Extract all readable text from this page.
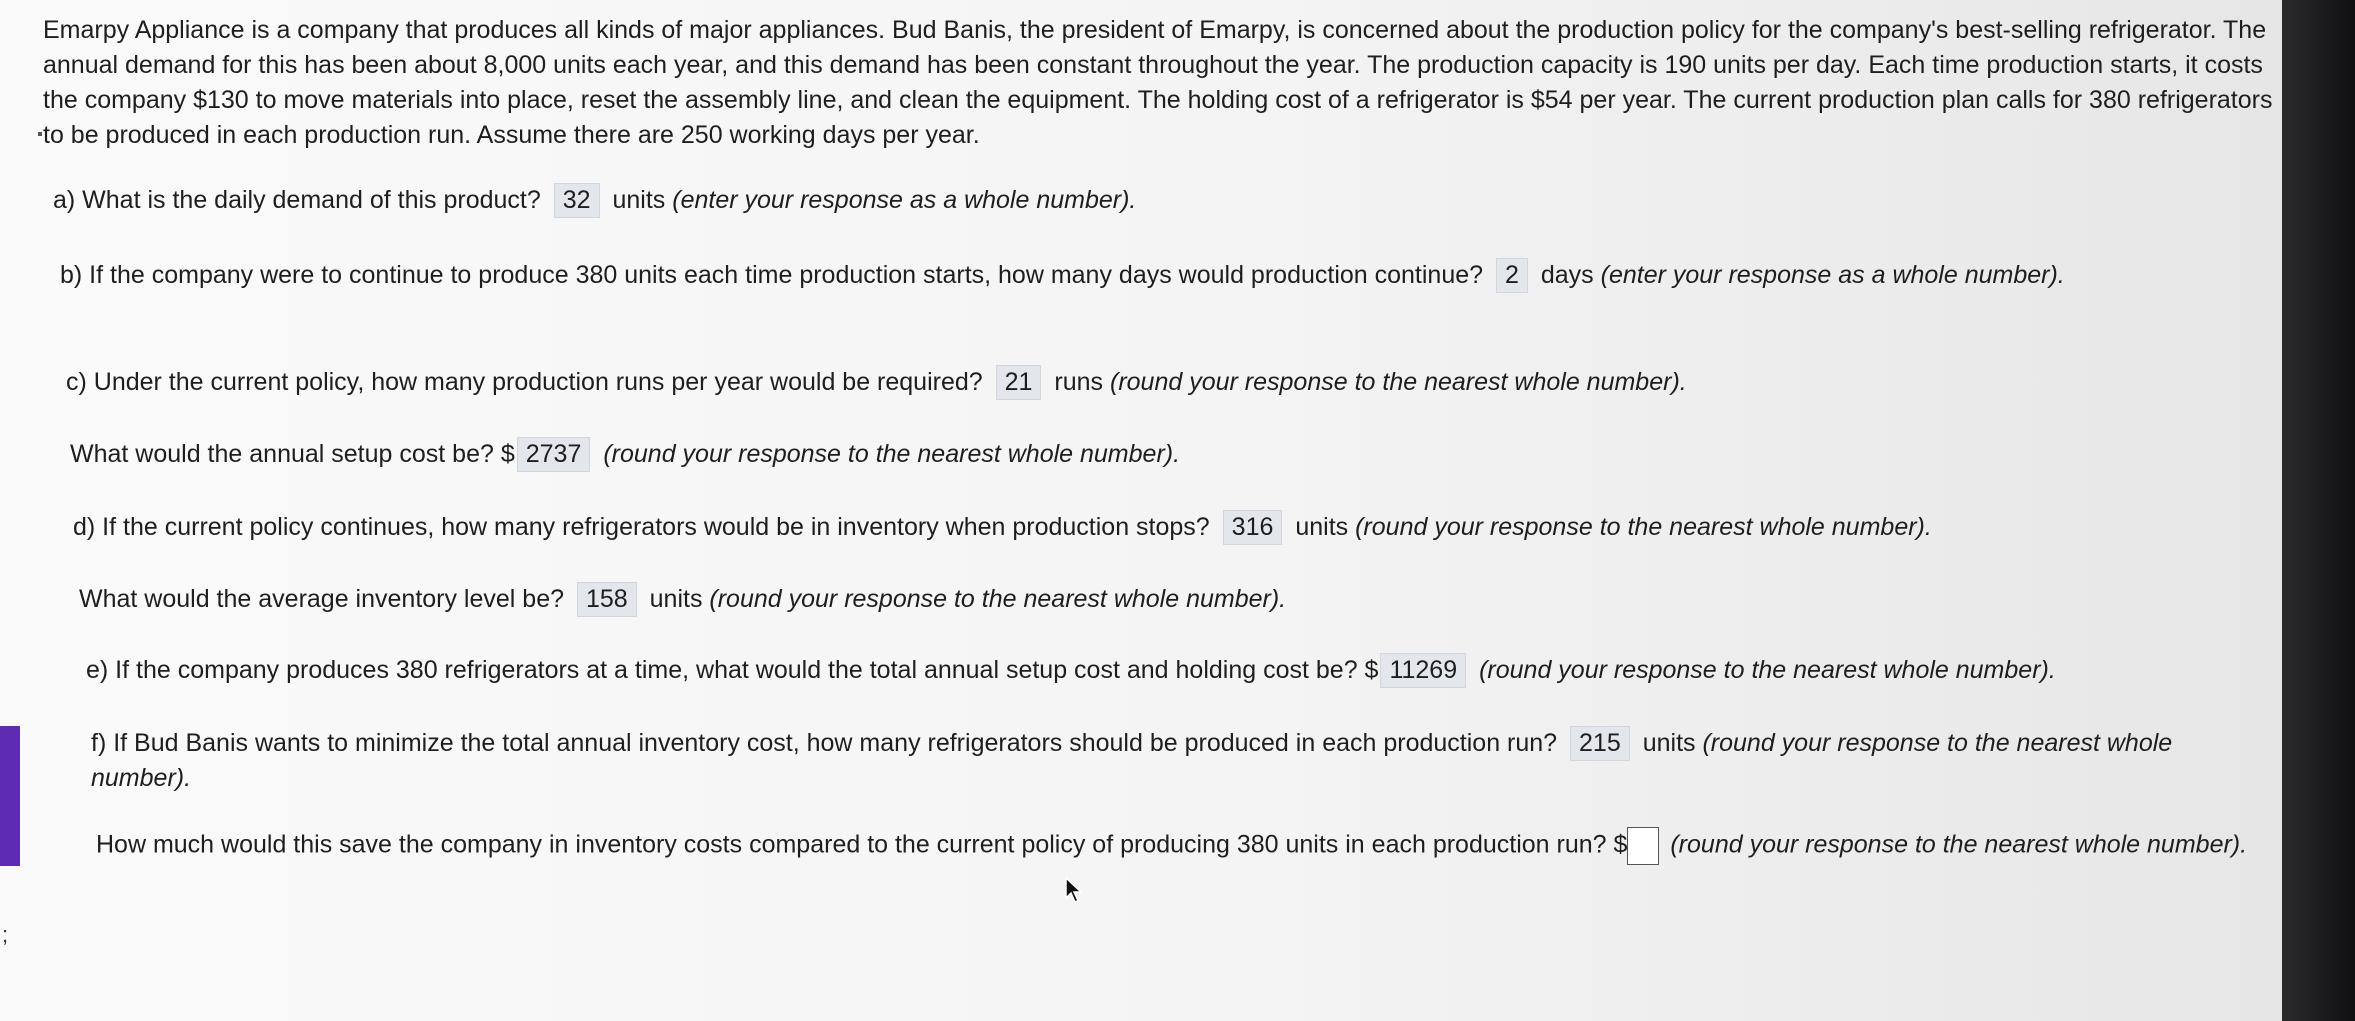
;

Emarpy Appliance is a company that produces all kinds of major appliances. Bud Banis, the president of Emarpy, is concerned about the production policy for the company's best-selling refrigerator. The annual demand for this has been about 8,000 units each year, and this demand has been constant throughout the year. The production capacity is 190 units per day. Each time production starts, it costs the company $130 to move materials into place, reset the assembly line, and clean the equipment. The holding cost of a refrigerator is $54 per year. The current production plan calls for 380 refrigerators to be produced in each production run. Assume there are 250 working days per year.

a) What is the daily demand of this product? 32 units (enter your response as a whole number).

b) If the company were to continue to produce 380 units each time production starts, how many days would production continue? 2 days (enter your response as a whole number).

c) Under the current policy, how many production runs per year would be required? 21 runs (round your response to the nearest whole number).

What would the annual setup cost be? $ 2737 (round your response to the nearest whole number).

d) If the current policy continues, how many refrigerators would be in inventory when production stops? 316 units (round your response to the nearest whole number).

What would the average inventory level be? 158 units (round your response to the nearest whole number).

e) If the company produces 380 refrigerators at a time, what would the total annual setup cost and holding cost be? $ 11269 (round your response to the nearest whole number).

f) If Bud Banis wants to minimize the total annual inventory cost, how many refrigerators should be produced in each production run? 215 units (round your response to the nearest whole number).

How much would this save the company in inventory costs compared to the current policy of producing 380 units in each production run? $ (round your response to the nearest whole number).
